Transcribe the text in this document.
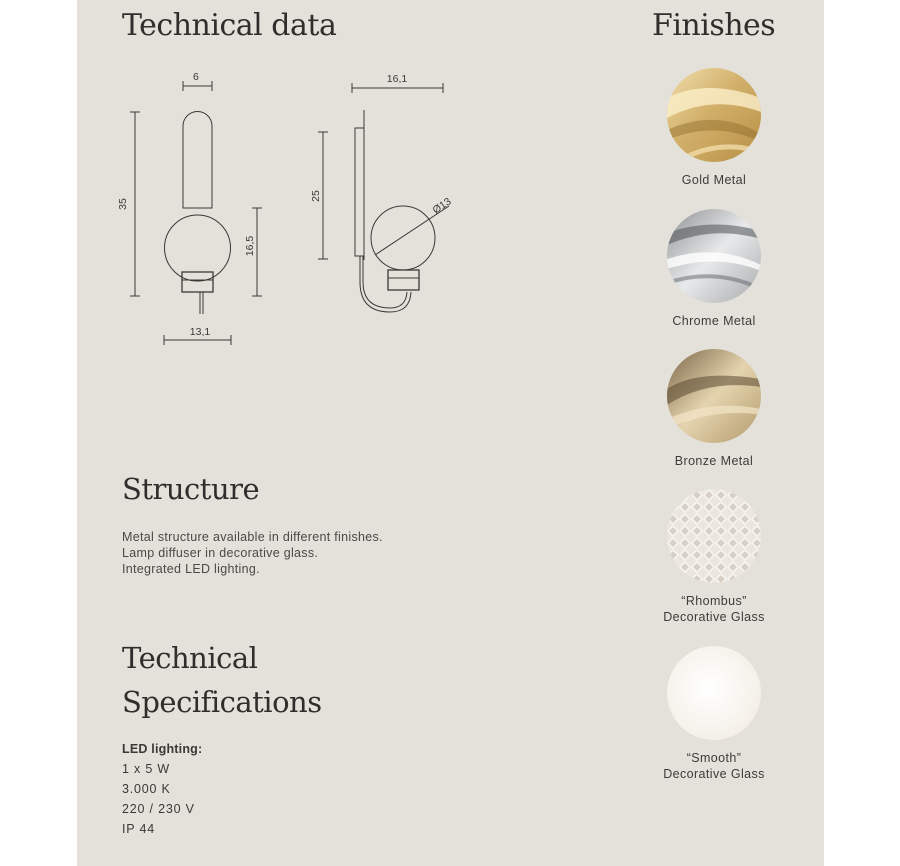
Technical data	Finishes
6
35
16,5
13,1
16,1
25	Ø13
Structure
Metal structure available in different finishes.
Lamp diffuser in decorative glass.
Integrated LED lighting.
Technical
Specifications
LED lighting:
1 x 5 W
3.000 K
220 / 230 V
IP 44
Gold Metal
Chrome Metal
Bronze Metal
“Rhombus”
Decorative Glass
“Smooth”
Decorative Glass
